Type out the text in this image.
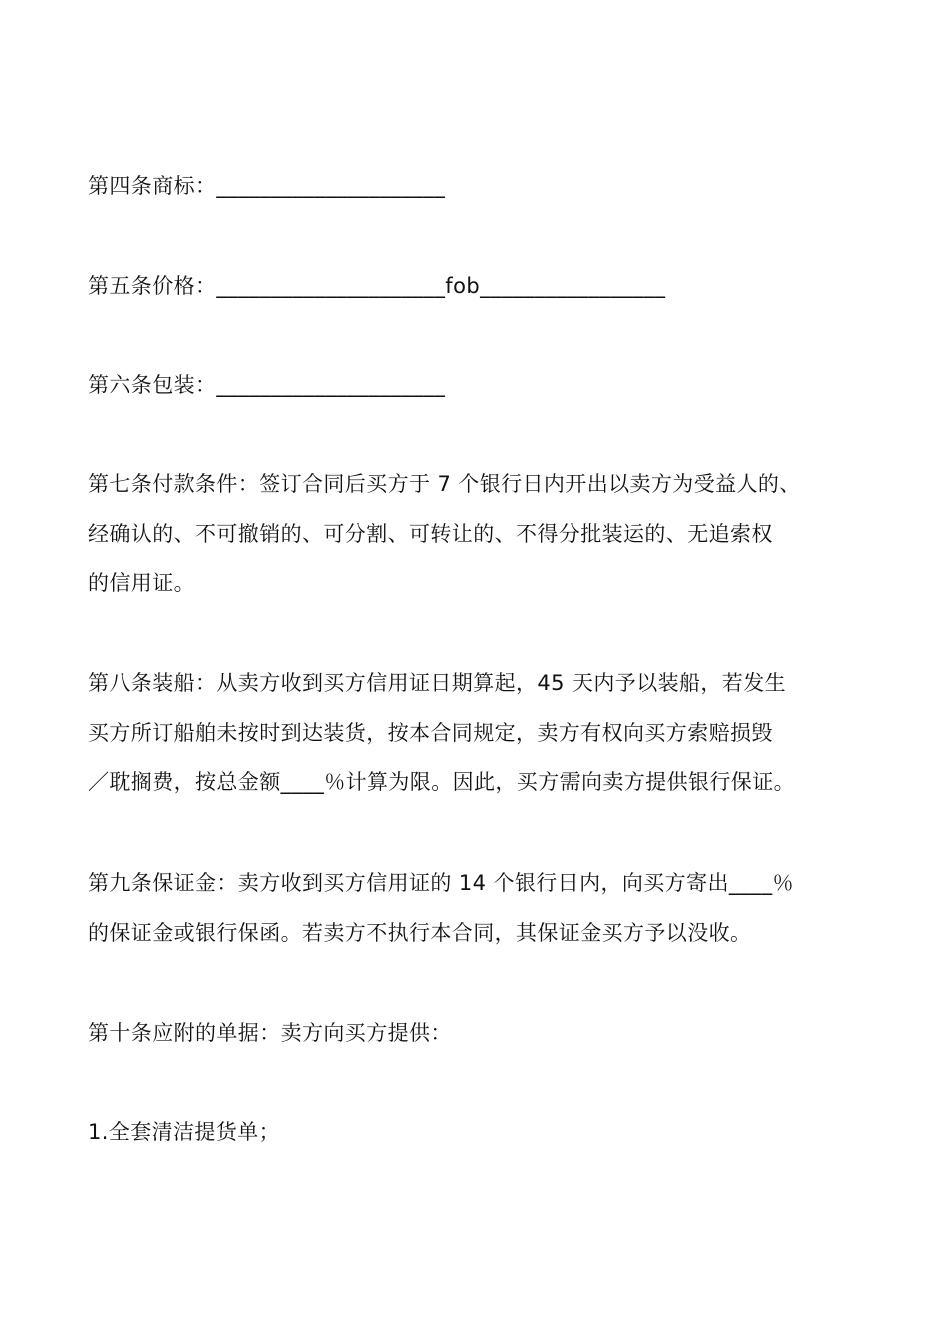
第四条商标：_____________________
第五条价格：_____________________fob_________________
第六条包装：_____________________
第七条付款条件：签订合同后买方于 7 个银行日内开出以卖方为受益人的、
经确认的、不可撤销的、可分割、可转让的、不得分批装运的、无追索权
的信用证。
第八条装船：从卖方收到买方信用证日期算起，45 天内予以装船，若发生
买方所订船舶未按时到达装货，按本合同规定，卖方有权向买方索赔损毁
／耽搁费，按总金额____％计算为限。因此，买方需向卖方提供银行保证。
第九条保证金：卖方收到买方信用证的 14 个银行日内，向买方寄出____％
的保证金或银行保函。若卖方不执行本合同，其保证金买方予以没收。
第十条应附的单据：卖方向买方提供：
1.全套清洁提货单；
